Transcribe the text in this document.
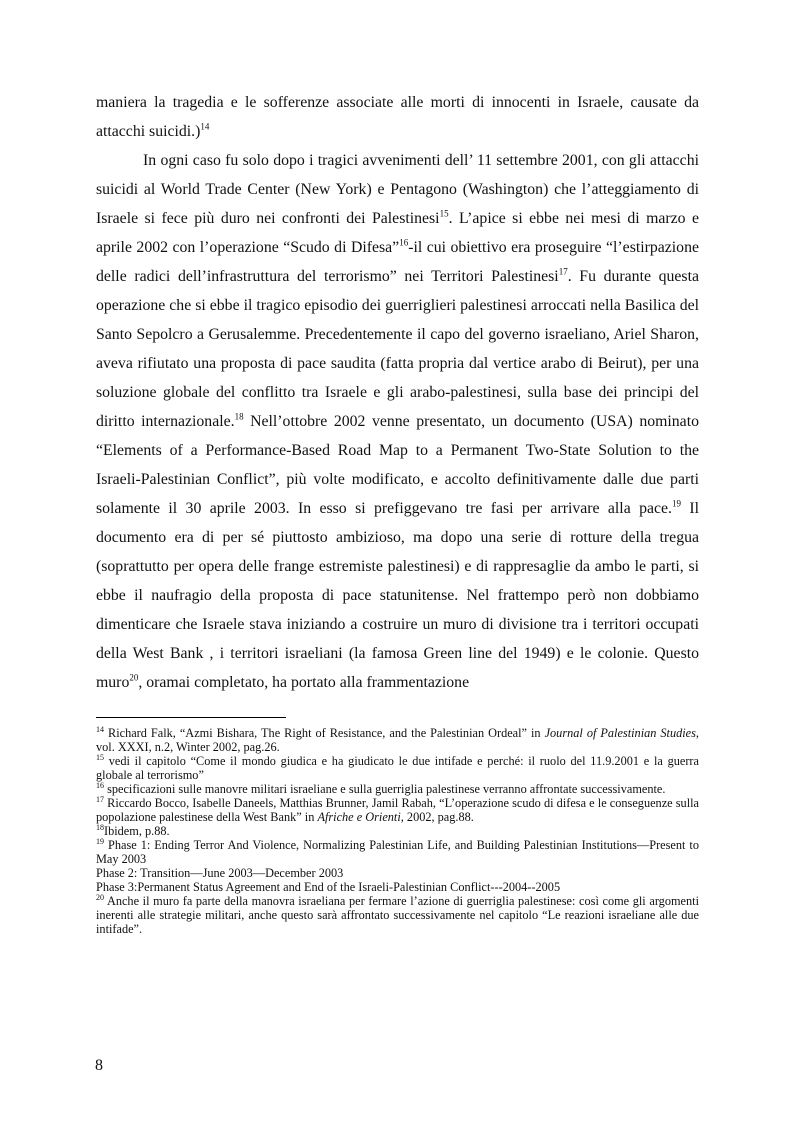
maniera la tragedia e le sofferenze associate alle morti di innocenti in Israele, causate da attacchi suicidi.)$^{14}$

In ogni caso fu solo dopo i tragici avvenimenti dell’ 11 settembre 2001, con gli attacchi suicidi al World Trade Center (New York) e Pentagono (Washington) che l’atteggiamento di Israele si fece più duro nei confronti dei Palestinesi$^{15}$. L’apice si ebbe nei mesi di marzo e aprile 2002 con l’operazione “Scudo di Difesa”$^{16}$-il cui obiettivo era proseguire “l’estirpazione delle radici dell’infrastruttura del terrorismo” nei Territori Palestinesi$^{17}$. Fu durante questa operazione che si ebbe il tragico episodio dei guerriglieri palestinesi arroccati nella Basilica del Santo Sepolcro a Gerusalemme. Precedentemente il capo del governo israeliano, Ariel Sharon, aveva rifiutato una proposta di pace saudita (fatta propria dal vertice arabo di Beirut), per una soluzione globale del conflitto tra Israele e gli arabo-palestinesi, sulla base dei principi del diritto internazionale.$^{18}$ Nell’ottobre 2002 venne presentato, un documento (USA) nominato “Elements of a Performance-Based Road Map to a Permanent Two-State Solution to the Israeli-Palestinian Conflict”, più volte modificato, e accolto definitivamente dalle due parti solamente il 30 aprile 2003. In esso si prefiggevano tre fasi per arrivare alla pace.$^{19}$ Il documento era di per sé piuttosto ambizioso, ma dopo una serie di rotture della tregua (soprattutto per opera delle frange estremiste palestinesi) e di rappresaglie da ambo le parti, si ebbe il naufragio della proposta di pace statunitense. Nel frattempo però non dobbiamo dimenticare che Israele stava iniziando a costruire un muro di divisione tra i territori occupati della West Bank , i territori israeliani (la famosa Green line del 1949) e le colonie. Questo muro$^{20}$, oramai completato, ha portato alla frammentazione

$^{14}$ Richard Falk, “Azmi Bishara, The Right of Resistance, and the Palestinian Ordeal” in Journal of Palestinian Studies, vol. XXXI, n.2, Winter 2002, pag.26.

$^{15}$ vedi il capitolo “Come il mondo giudica e ha giudicato le due intifade e perché: il ruolo del 11.9.2001 e la guerra globale al terrorismo”

$^{16}$ specificazioni sulle manovre militari israeliane e sulla guerriglia palestinese verranno affrontate successivamente.

$^{17}$ Riccardo Bocco, Isabelle Daneels, Matthias Brunner, Jamil Rabah, “L’operazione scudo di difesa e le conseguenze sulla popolazione palestinese della West Bank” in Afriche e Orienti, 2002, pag.88.

$^{18}$Ibidem, p.88.

$^{19}$ Phase 1: Ending Terror And Violence, Normalizing Palestinian Life, and Building Palestinian Institutions—Present to May 2003

Phase 2: Transition—June 2003—December 2003

Phase 3:Permanent Status Agreement and End of the Israeli-Palestinian Conflict---2004--2005

$^{20}$ Anche il muro fa parte della manovra israeliana per fermare l’azione di guerriglia palestinese: così come gli argomenti inerenti alle strategie militari, anche questo sarà affrontato successivamente nel capitolo “Le reazioni israeliane alle due intifade”.

8
